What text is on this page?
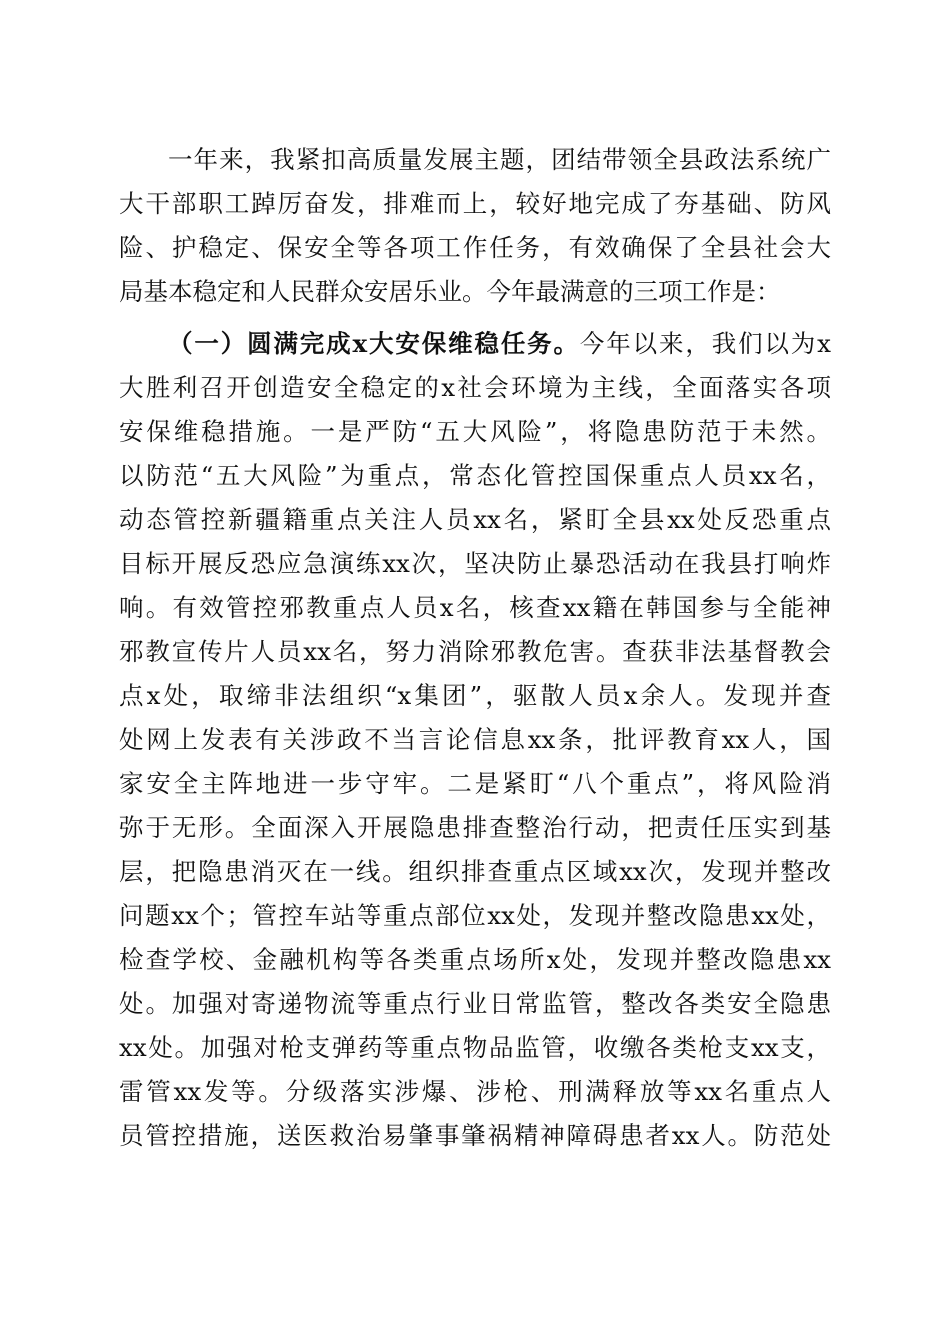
一年来，我紧扣高质量发展主题，团结带领全县政法系统广
大干部职工踔厉奋发，排难而上，较好地完成了夯基础、防风
险、护稳定、保安全等各项工作任务，有效确保了全县社会大
局基本稳定和人民群众安居乐业。今年最满意的三项工作是：
（一）圆满完成x大安保维稳任务。今年以来，我们以为x
大胜利召开创造安全稳定的x社会环境为主线，全面落实各项
安保维稳措施。一是严防“五大风险”，将隐患防范于未然。
以防范“五大风险”为重点，常态化管控国保重点人员xx名，
动态管控新疆籍重点关注人员xx名，紧盯全县xx处反恐重点
目标开展反恐应急演练xx次，坚决防止暴恐活动在我县打响炸
响。有效管控邪教重点人员x名，核查xx籍在韩国参与全能神
邪教宣传片人员xx名，努力消除邪教危害。查获非法基督教会
点x处，取缔非法组织“x集团”，驱散人员x余人。发现并查
处网上发表有关涉政不当言论信息xx条，批评教育xx人，国
家安全主阵地进一步守牢。二是紧盯“八个重点”，将风险消
弥于无形。全面深入开展隐患排查整治行动，把责任压实到基
层，把隐患消灭在一线。组织排查重点区域xx次，发现并整改
问题xx个；管控车站等重点部位xx处，发现并整改隐患xx处，
检查学校、金融机构等各类重点场所x处，发现并整改隐患xx
处。加强对寄递物流等重点行业日常监管，整改各类安全隐患
xx处。加强对枪支弹药等重点物品监管，收缴各类枪支xx支，
雷管xx发等。分级落实涉爆、涉枪、刑满释放等xx名重点人
员管控措施，送医救治易肇事肇祸精神障碍患者xx人。防范处
